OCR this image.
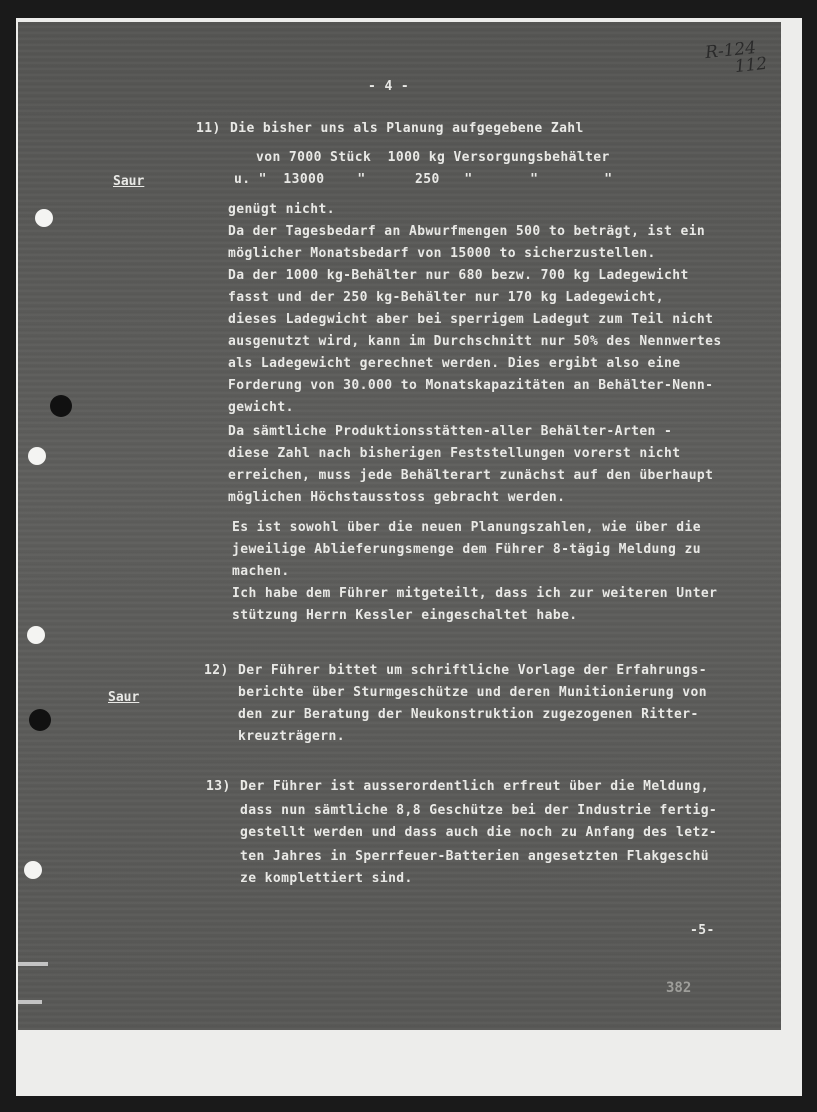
R-124
112
- 4 -
11)
Saur
Die bisher uns als Planung aufgegebene Zahl
von 7000 Stück  1000 kg Versorgungsbehälter
u. "  13000    "      250   "       "        "
genügt nicht.
Da der Tagesbedarf an Abwurfmengen 500 to beträgt, ist ein
möglicher Monatsbedarf von 15000 to sicherzustellen.
Da der 1000 kg-Behälter nur 680 bezw. 700 kg Ladegewicht
fasst und der 250 kg-Behälter nur 170 kg Ladegewicht,
dieses Ladegwicht aber bei sperrigem Ladegut zum Teil nicht
ausgenutzt wird, kann im Durchschnitt nur 50% des Nennwertes
als Ladegewicht gerechnet werden. Dies ergibt also eine
Forderung von 30.000 to Monatskapazitäten an Behälter-Nenn-
gewicht.
Da sämtliche Produktionsstätten-aller Behälter-Arten -
diese Zahl nach bisherigen Feststellungen vorerst nicht
erreichen, muss jede Behälterart zunächst auf den überhaupt
möglichen Höchstausstoss gebracht werden.
Es ist sowohl über die neuen Planungszahlen, wie über die
jeweilige Ablieferungsmenge dem Führer 8-tägig Meldung zu
machen.
Ich habe dem Führer mitgeteilt, dass ich zur weiteren Unter
stützung Herrn Kessler eingeschaltet habe.
12)
Saur
Der Führer bittet um schriftliche Vorlage der Erfahrungs-
berichte über Sturmgeschütze und deren Munitionierung von
den zur Beratung der Neukonstruktion zugezogenen Ritter-
kreuzträgern.
13) Der Führer ist ausserordentlich erfreut über die Meldung,
dass nun sämtliche 8,8 Geschütze bei der Industrie fertig-
gestellt werden und dass auch die noch zu Anfang des letz-
ten Jahres in Sperrfeuer-Batterien angesetzten Flakgeschü
ze komplettiert sind.
-5-
382
